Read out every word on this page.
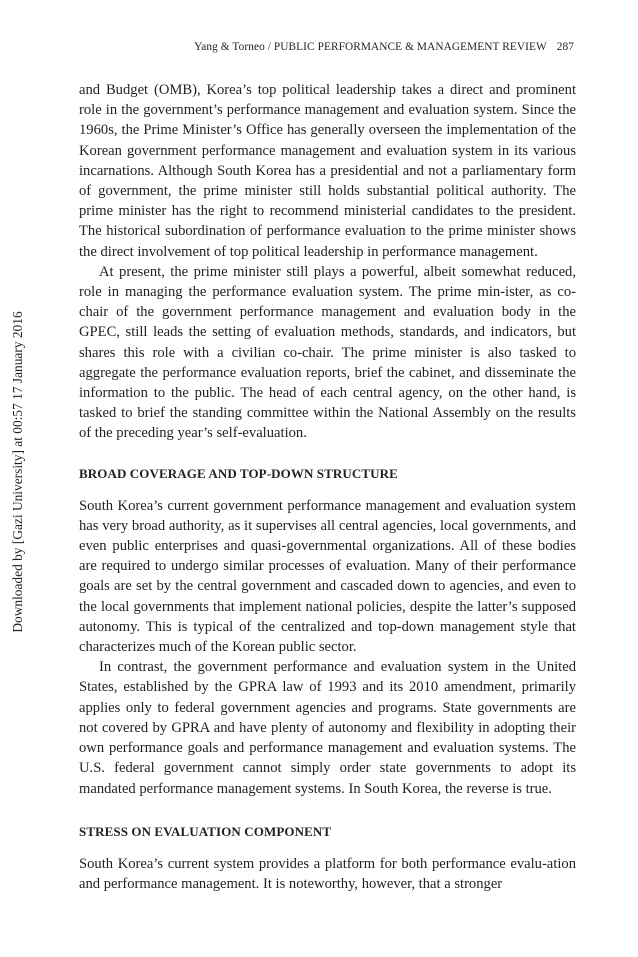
Yang & Torneo / PUBLIC PERFORMANCE & MANAGEMENT REVIEW 287
Downloaded by [Gazi University] at 00:57 17 January 2016

and Budget (OMB), Korea’s top political leadership takes a direct and prominent role in the government’s performance management and evaluation system. Since the 1960s, the Prime Minister’s Office has generally overseen the implementation of the Korean government performance management and evaluation system in its various incarnations. Although South Korea has a presidential and not a parliamentary form of government, the prime minister still holds substantial political authority. The prime minister has the right to recommend ministerial candidates to the president. The historical subordination of performance evaluation to the prime minister shows the direct involvement of top political leadership in performance management.

At present, the prime minister still plays a powerful, albeit somewhat reduced, role in managing the performance evaluation system. The prime min-ister, as co-chair of the government performance management and evaluation body in the GPEC, still leads the setting of evaluation methods, standards, and indicators, but shares this role with a civilian co-chair. The prime minister is also tasked to aggregate the performance evaluation reports, brief the cabinet, and disseminate the information to the public. The head of each central agency, on the other hand, is tasked to brief the standing committee within the National Assembly on the results of the preceding year’s self-evaluation.

BROAD COVERAGE AND TOP-DOWN STRUCTURE

South Korea’s current government performance management and evaluation system has very broad authority, as it supervises all central agencies, local governments, and even public enterprises and quasi-governmental organizations. All of these bodies are required to undergo similar processes of evaluation. Many of their performance goals are set by the central government and cascaded down to agencies, and even to the local governments that implement national policies, despite the latter’s supposed autonomy. This is typical of the centralized and top-down management style that characterizes much of the Korean public sector.

In contrast, the government performance and evaluation system in the United States, established by the GPRA law of 1993 and its 2010 amendment, primarily applies only to federal government agencies and programs. State governments are not covered by GPRA and have plenty of autonomy and flexibility in adopting their own performance goals and performance management and evaluation systems. The U.S. federal government cannot simply order state governments to adopt its mandated performance management systems. In South Korea, the reverse is true.

STRESS ON EVALUATION COMPONENT

South Korea’s current system provides a platform for both performance evalu-ation and performance management. It is noteworthy, however, that a stronger
